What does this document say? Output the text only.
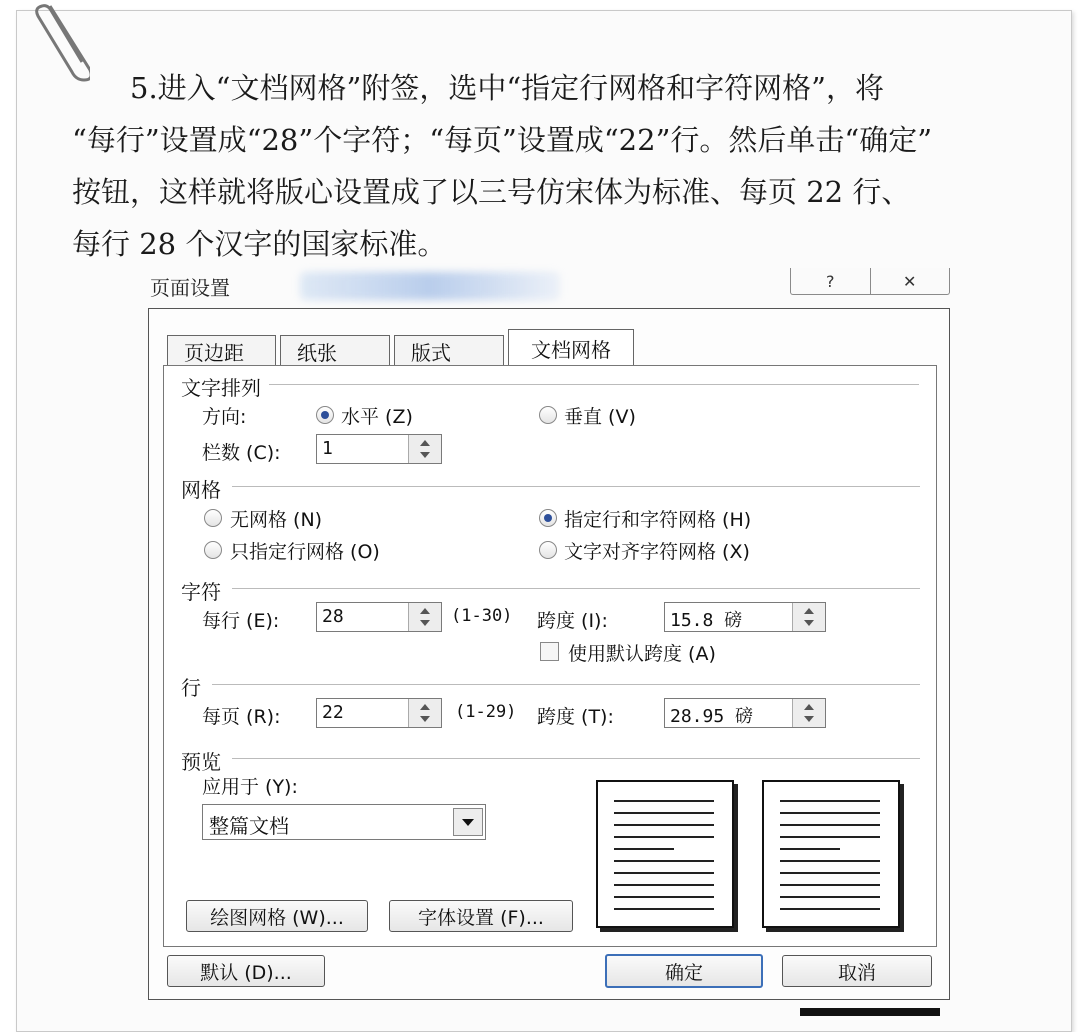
5.进入“文档网格”附签，选中“指定行网格和字符网格”，将

“每行”设置成“28”个字符；“每页”设置成“22”行。然后单击“确定”

按钮，这样就将版心设置成了以三号仿宋体为标准、每页 22 行、

每行 28 个汉字的国家标准。

页面设置	?	✕
页边距	纸张	版式	文档网格
文字排列
方向:	水平 (Z)	垂直 (V)
栏数 (C): 1
网格
无网格 (N)	指定行和字符网格 (H)
只指定行网格 (O)	文字对齐字符网格 (X)
字符
每行 (E): 28	(1-30) 跨度 (I):	15.8 磅
使用默认跨度 (A)
行
每页 (R): 22	(1-29) 跨度 (T):	28.95 磅
预览
应用于 (Y):
整篇文档
绘图网格 (W)...	字体设置 (F)...
默认 (D)...	确定	取消
